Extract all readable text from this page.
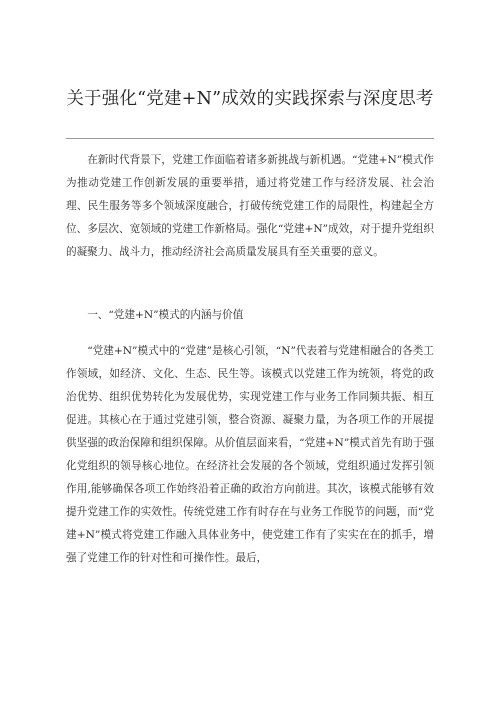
关于强化“党建+N”成效的实践探索与深度思考

在新时代背景下，党建工作面临着诸多新挑战与新机遇。“党建+N”模式作为推动党建工作创新发展的重要举措，通过将党建工作与经济发展、社会治理、民生服务等多个领域深度融合，打破传统党建工作的局限性，构建起全方位、多层次、宽领域的党建工作新格局。强化“党建+N”成效，对于提升党组织的凝聚力、战斗力，推动经济社会高质量发展具有至关重要的意义。

一、“党建+N”模式的内涵与价值

“党建+N”模式中的“党建”是核心引领，“N”代表着与党建相融合的各类工作领域，如经济、文化、生态、民生等。该模式以党建工作为统领，将党的政治优势、组织优势转化为发展优势，实现党建工作与业务工作同频共振、相互促进。其核心在于通过党建引领，整合资源、凝聚力量，为各项工作的开展提供坚强的政治保障和组织保障。从价值层面来看，“党建+N”模式首先有助于强化党组织的领导核心地位。在经济社会发展的各个领域，党组织通过发挥引领作用,能够确保各项工作始终沿着正确的政治方向前进。其次，该模式能够有效提升党建工作的实效性。传统党建工作有时存在与业务工作脱节的问题，而“党建+N”模式将党建工作融入具体业务中，使党建工作有了实实在在的抓手，增强了党建工作的针对性和可操作性。最后，
